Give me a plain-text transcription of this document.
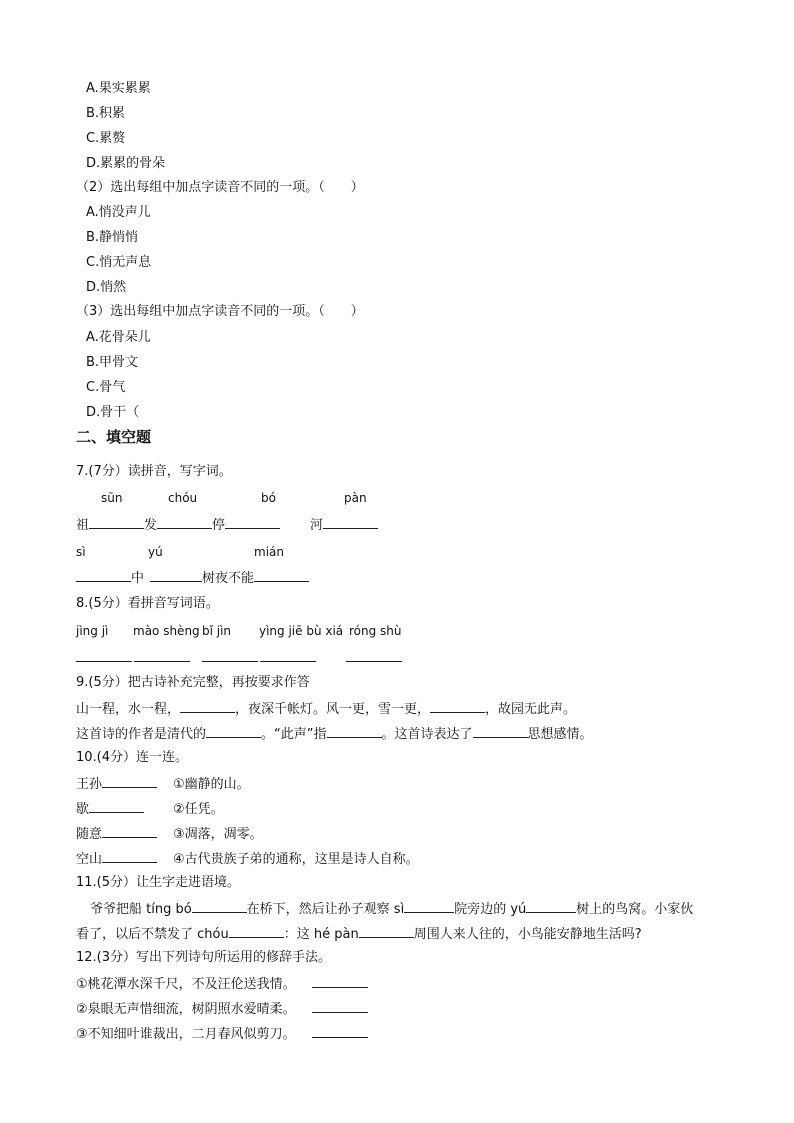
A.果实累累
B.积累
C.累赘
D.累累的骨朵
（2）选出每组中加点字读音不同的一项。（　　）
A.悄没声儿
B.静悄悄
C.悄无声息
D.悄然
（3）选出每组中加点字读音不同的一项。（　　）
A.花骨朵儿
B.甲骨文
C.骨气
D.骨干（
二、填空题
7.(7分）读拼音，写字词。
sūn	chóu	bó	pàn
祖	发	停	河
sì	yú	mián
中	树夜不能
8.(5分）看拼音写词语。
jìng jì mào shèng bǐ jìn yìng jiē bù xiá róng shù
9.(5分）把古诗补充完整，再按要求作答
山一程，水一程，	，夜深千帐灯。风一更，雪一更，	，故园无此声。
这首诗的作者是清代的	。“此声”指	。这首诗表达了	思想感情。
10.(4分）连一连。
王孙	①幽静的山。
歇	②任凭。
随意	③凋落，凋零。
空山	④古代贵族子弟的通称，这里是诗人自称。
11.(5分）让生字走进语境。
爷爷把船 tíng bó	在桥下，然后让孙子观察 sì	院旁边的 yú	树上的鸟窝。小家伙
看了，以后不禁发了 chóu	：这 hé pàn	周围人来人往的，小鸟能安静地生活吗?
12.(3分）写出下列诗句所运用的修辞手法。
①桃花潭水深千尺，不及汪伦送我情。
②泉眼无声惜细流，树阴照水爱晴柔。
③不知细叶谁裁出，二月春风似剪刀。
